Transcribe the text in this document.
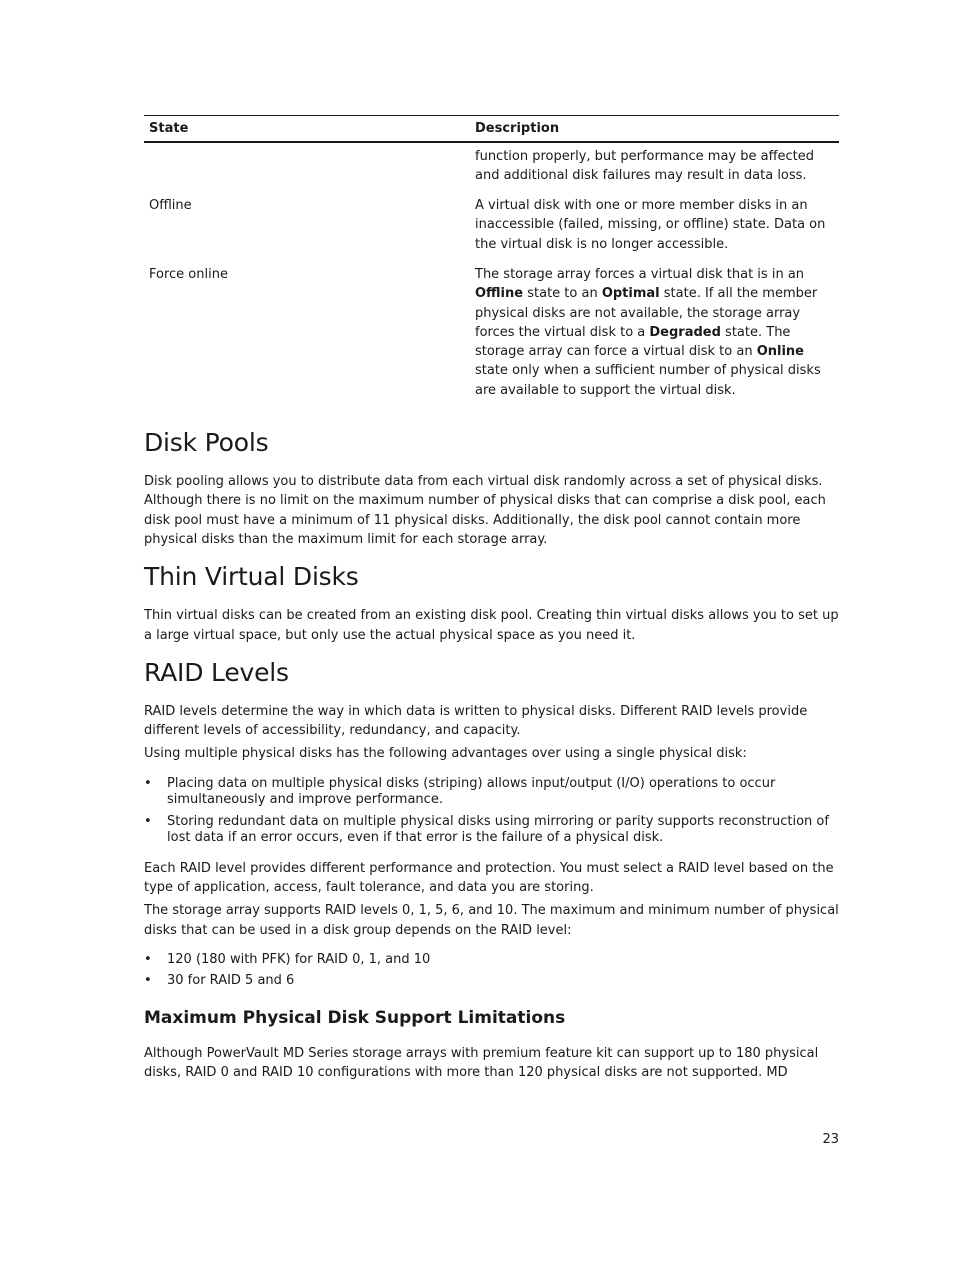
State	Description
	function properly, but performance may be affected and additional disk failures may result in data loss.
Offline	A virtual disk with one or more member disks in an inaccessible (failed, missing, or offline) state. Data on the virtual disk is no longer accessible.
Force online	The storage array forces a virtual disk that is in an Offline state to an Optimal state. If all the member physical disks are not available, the storage array forces the virtual disk to a Degraded state. The storage array can force a virtual disk to an Online state only when a sufficient number of physical disks are available to support the virtual disk.
Disk Pools

Disk pooling allows you to distribute data from each virtual disk randomly across a set of physical disks. Although there is no limit on the maximum number of physical disks that can comprise a disk pool, each disk pool must have a minimum of 11 physical disks. Additionally, the disk pool cannot contain more physical disks than the maximum limit for each storage array.

Thin Virtual Disks

Thin virtual disks can be created from an existing disk pool. Creating thin virtual disks allows you to set up a large virtual space, but only use the actual physical space as you need it.

RAID Levels

RAID levels determine the way in which data is written to physical disks. Different RAID levels provide different levels of accessibility, redundancy, and capacity.

Using multiple physical disks has the following advantages over using a single physical disk:

• Placing data on multiple physical disks (striping) allows input/output (I/O) operations to occur simultaneously and improve performance.
• Storing redundant data on multiple physical disks using mirroring or parity supports reconstruction of lost data if an error occurs, even if that error is the failure of a physical disk.

Each RAID level provides different performance and protection. You must select a RAID level based on the type of application, access, fault tolerance, and data you are storing.

The storage array supports RAID levels 0, 1, 5, 6, and 10. The maximum and minimum number of physical disks that can be used in a disk group depends on the RAID level:

• 120 (180 with PFK) for RAID 0, 1, and 10
• 30 for RAID 5 and 6
Maximum Physical Disk Support Limitations

Although PowerVault MD Series storage arrays with premium feature kit can support up to 180 physical disks, RAID 0 and RAID 10 configurations with more than 120 physical disks are not supported. MD

23
